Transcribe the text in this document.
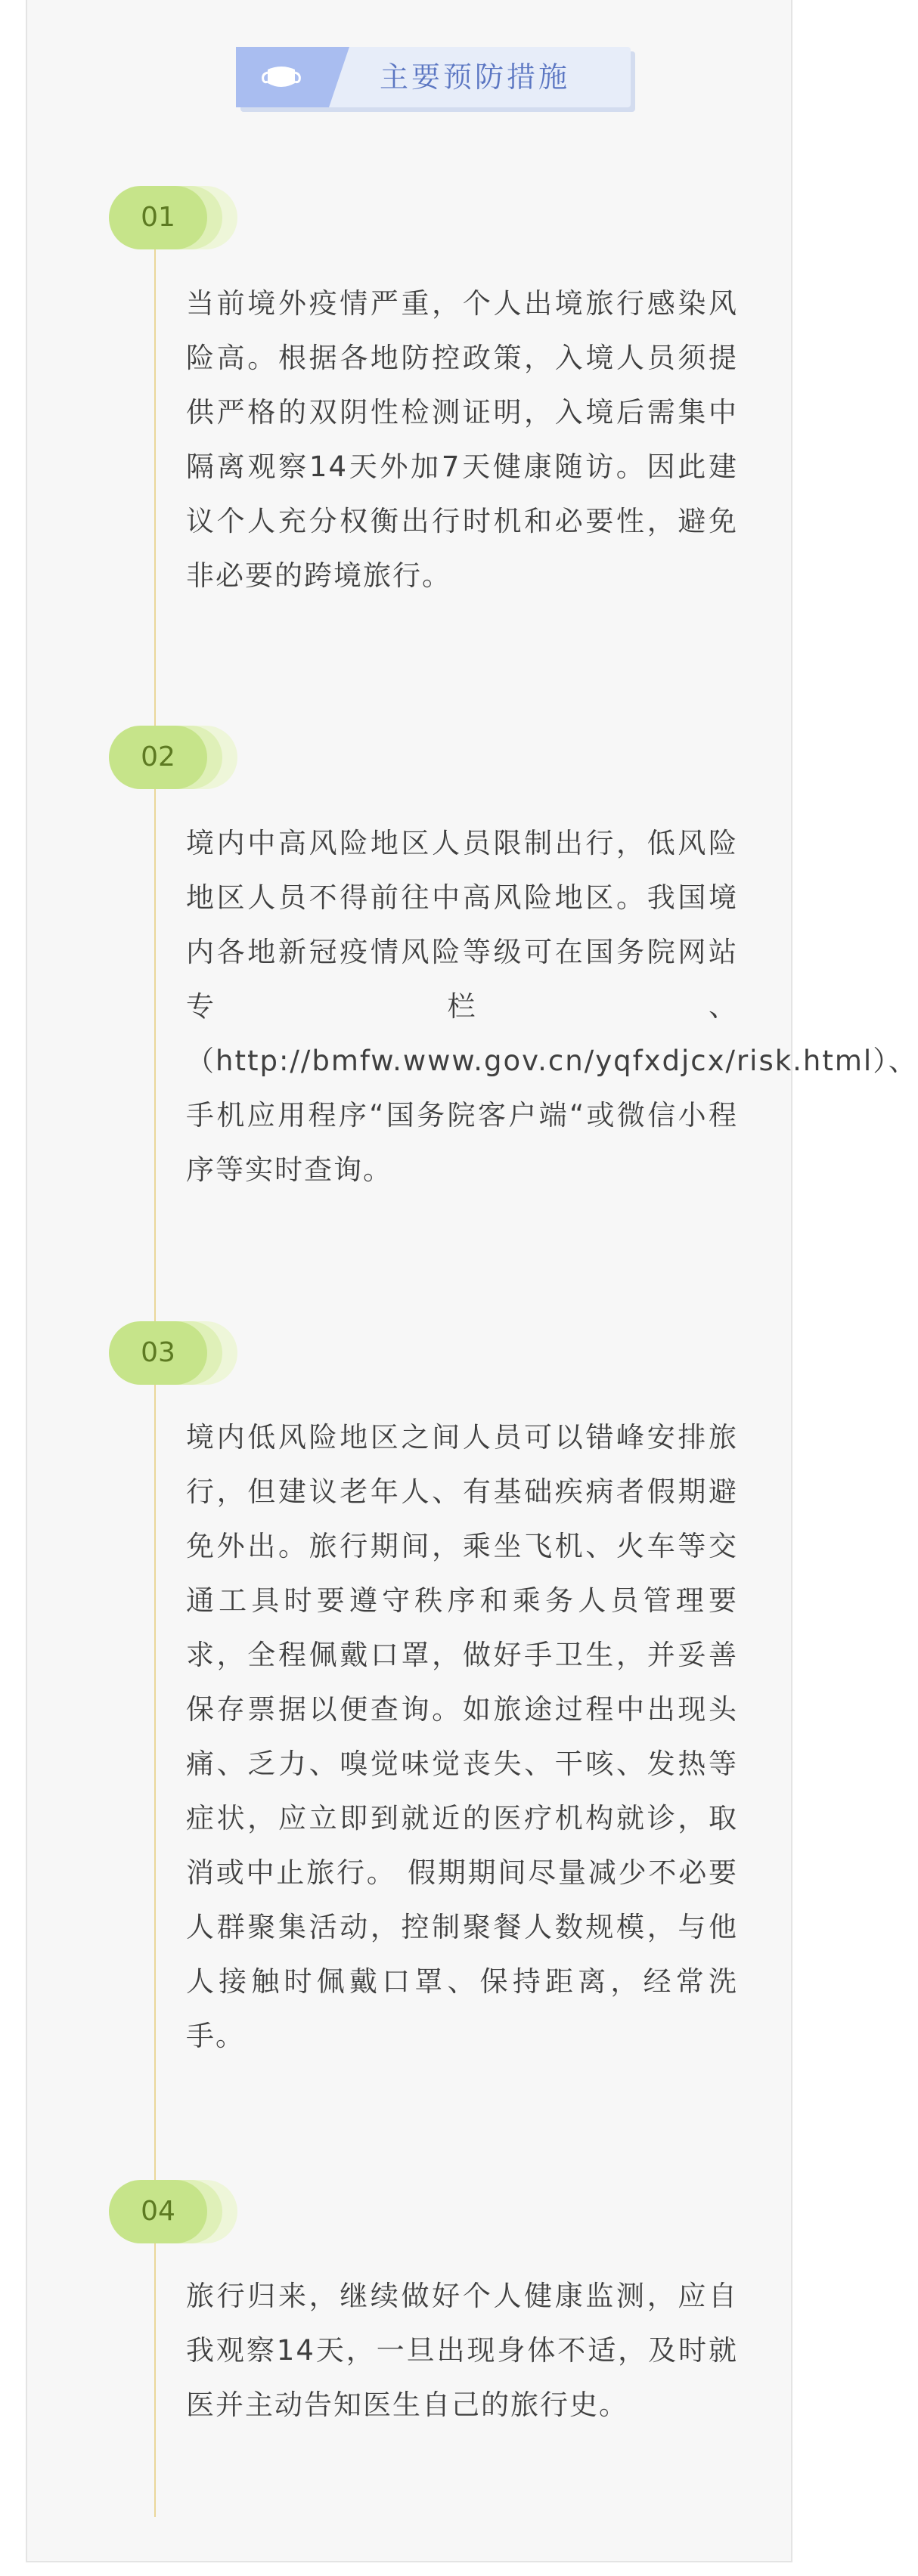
主要预防措施
01
当前境外疫情严重，个人出境旅行感染风险高。根据各地防控政策，入境人员须提供严格的双阴性检测证明，入境后需集中隔离观察14天外加7天健康随访。因此建议个人充分权衡出行时机和必要性，避免非必要的跨境旅行。
02
境内中高风险地区人员限制出行，低风险地区人员不得前往中高风险地区。我国境内各地新冠疫情风险等级可在国务院网站专栏、（http://bmfw.www.gov.cn/yqfxdjcx/risk.html）、手机应用程序“国务院客户端“或微信小程序等实时查询。
03
境内低风险地区之间人员可以错峰安排旅行，但建议老年人、有基础疾病者假期避免外出。旅行期间，乘坐飞机、火车等交通工具时要遵守秩序和乘务人员管理要求，全程佩戴口罩，做好手卫生，并妥善保存票据以便查询。如旅途过程中出现头痛、乏力、嗅觉味觉丧失、干咳、发热等症状，应立即到就近的医疗机构就诊，取消或中止旅行。 假期期间尽量减少不必要人群聚集活动，控制聚餐人数规模，与他人接触时佩戴口罩、保持距离，经常洗手。
04
旅行归来，继续做好个人健康监测，应自我观察14天，一旦出现身体不适，及时就医并主动告知医生自己的旅行史。
